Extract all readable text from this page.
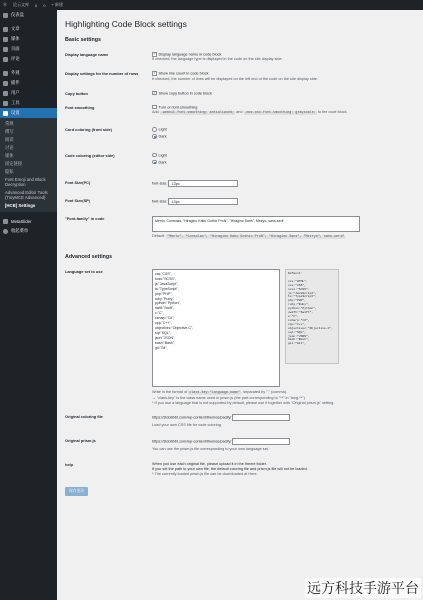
Ⓦ 论云文库 0 0 + 新建
仪表盘
文章
媒体
页面
评论
外观
插件
用户
工具
设置
常规
撰写
阅读
讨论
媒体
固定链接
隐私
Font Emoji and Block Decryption
Advanced Editor Tools (TinyMCE Advanced)
[HCB] Settings
MetaSlider
收起菜单
Highlighting Code Block settings
Basic settings
Display language name ✓	Display language name in code block
If checked, the language type is displayed in the code on the site display side.
Display settings for the number of rows ✓	Show line count in code block
If checked, the number of lines will be displayed on the left end of the code on the site display side.
Copy button ✓	Show copy button in code block
Font smoothing	Turn on font smoothing
Add -webkit-font-smoothing: antialiased; and -moz-osx-font-smoothing: grayscale; to the code block.
Cord coloring (front side)	Light
Dark
Code coloring (editor side)	Light
Dark
Font Size(PC)	font-size: 13px
Font Size(SP)	font-size: 13px
"Font-family" in code	Menlo, Consolas, "Hiragino Kaku Gothic ProN", "Hiragino Sans", Meiryo, sans-serif
Default: "Menlo", "Consolas", "Hiragino Kaku Gothic ProN", "Hiragino Sans", "Meiryo", sans-serif
Advanced settings
Language set to use	css:"CSS",
scss:"SCSS",
js:"JavaScript",
ts:"TypeScript",
php:"PHP",
ruby:"Ruby",
python:"Python",
swift:"Swift",
c:"C",
csharp:"C#",
cpp:"C++",
objectivec:"Objective-C",
sql:"SQL",
json:"JSON",
bash:"Bash",
git:"Git",
Default:

css:"HTML",
css:"CSS",
scss:"SCSS",
js:"JavaScript",
ts:"TypeScript",
php:"PHP",
ruby:"Ruby",
python:"Python",
swift:"Swift",
c:"C",
csharp:"C#",
cpp:"C++",
objectivec:"Objective-C",
sql:"SQL",
json:"JSON",
bash:"Bash",
git:"Git",
Write in the format of class-key:"language-name", separated by "," (comma).
→ "class-key" is the class name used in prism.js (the part corresponding to "**" in "lang-**")
* If you use a language that is not supported by default, please use it together with "Original prism.js" setting.
Original coloring file	https://stdobbbt.com/wp-content/themes/pacify/
Load your own CSS file for code coloring.
Original prism.js	https://stdobbbt.com/wp-content/themes/pacify/
You can use the prism.js file corresponding to your own language set.
help	When you use each original file, please upload it in the theme folder.
If you set the path to your own file, the default coloring file and prism.js file will not be loaded.
* The currently loaded prism.js file can be downloaded at Here.
保存更改
远方科技手游平台
